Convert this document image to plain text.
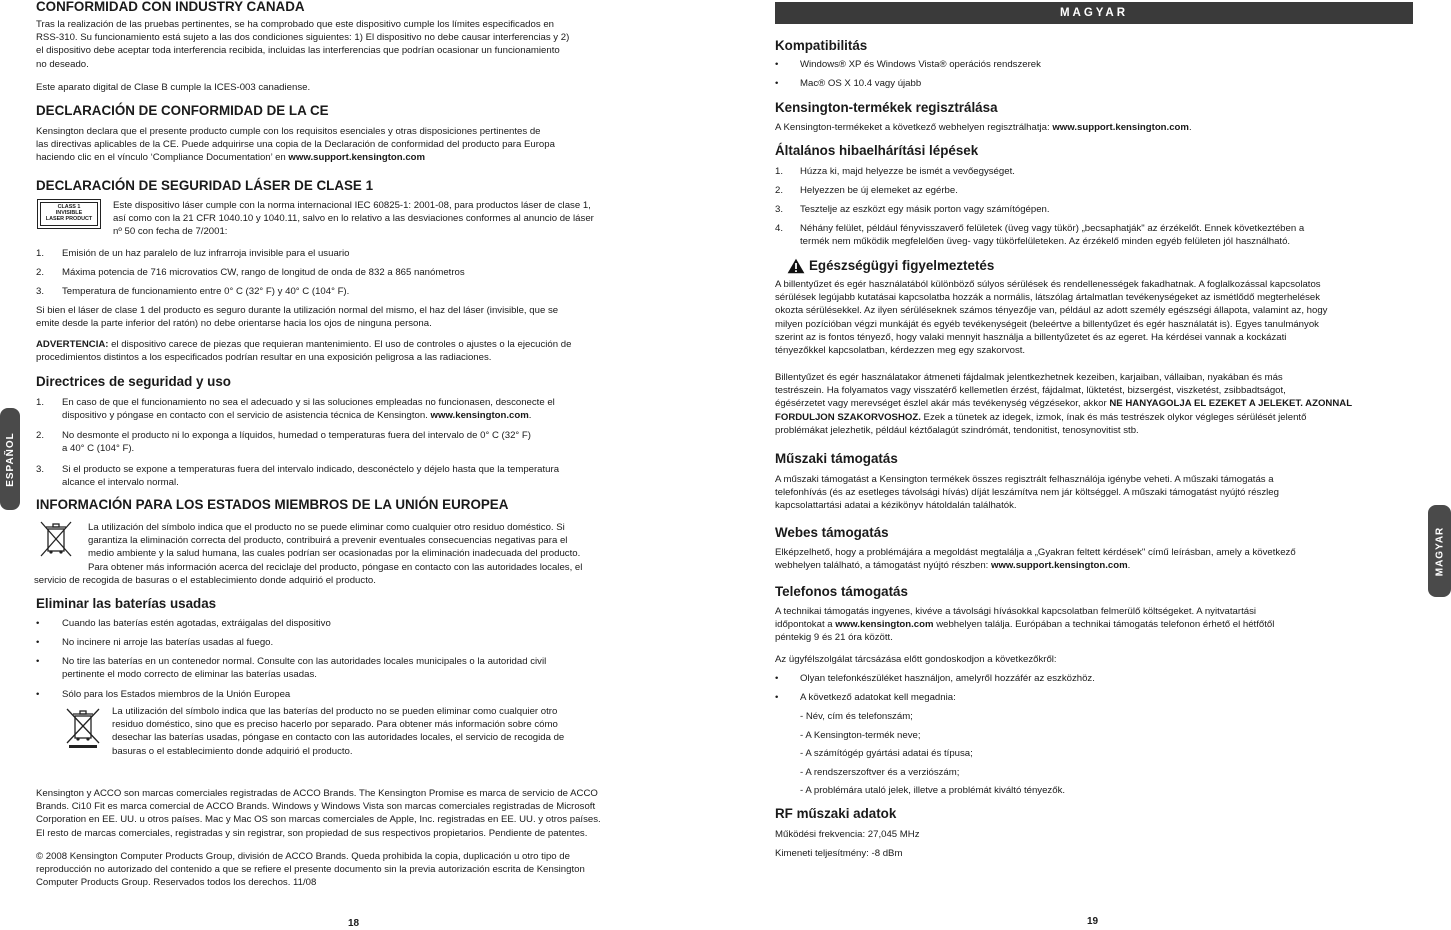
ESPAÑOL
MAGYAR
CONFORMIDAD CON INDUSTRY CANADA

Tras la realización de las pruebas pertinentes, se ha comprobado que este dispositivo cumple los límites especificados en

RSS-310. Su funcionamiento está sujeto a las dos condiciones siguientes: 1) El dispositivo no debe causar interferencias y 2)

el dispositivo debe aceptar toda interferencia recibida, incluidas las interferencias que podrían ocasionar un funcionamiento

no deseado.

Este aparato digital de Clase B cumple la ICES-003 canadiense.

DECLARACIÓN DE CONFORMIDAD DE LA CE

Kensington declara que el presente producto cumple con los requisitos esenciales y otras disposiciones pertinentes de

las directivas aplicables de la CE. Puede adquirirse una copia de la Declaración de conformidad del producto para Europa

haciendo clic en el vínculo ‘Compliance Documentation’ en www.support.kensington.com

DECLARACIÓN DE SEGURIDAD LÁSER DE CLASE 1
CLASS 1
INVISIBLE
LASER PRODUCT

Este dispositivo láser cumple con la norma internacional IEC 60825-1: 2001-08, para productos láser de clase 1,

así como con la 21 CFR 1040.10 y 1040.11, salvo en lo relativo a las desviaciones conformes al anuncio de láser

nº 50 con fecha de 7/2001:

1. Emisión de un haz paralelo de luz infrarroja invisible para el usuario
2. Máxima potencia de 716 microvatios CW, rango de longitud de onda de 832 a 865 nanómetros
3. Temperatura de funcionamiento entre 0° C (32° F) y 40° C (104° F).

Si bien el láser de clase 1 del producto es seguro durante la utilización normal del mismo, el haz del láser (invisible, que se

emite desde la parte inferior del ratón) no debe orientarse hacia los ojos de ninguna persona.

ADVERTENCIA: el dispositivo carece de piezas que requieran mantenimiento. El uso de controles o ajustes o la ejecución de

procedimientos distintos a los especificados podrían resultar en una exposición peligrosa a las radiaciones.

Directrices de seguridad y uso
1. En caso de que el funcionamiento no sea el adecuado y si las soluciones empleadas no funcionasen, desconecte el

dispositivo y póngase en contacto con el servicio de asistencia técnica de Kensington. www.kensington.com.

2. No desmonte el producto ni lo exponga a líquidos, humedad o temperaturas fuera del intervalo de 0° C (32° F)

a 40° C (104° F).

3. Si el producto se expone a temperaturas fuera del intervalo indicado, desconéctelo y déjelo hasta que la temperatura

alcance el intervalo normal.

INFORMACIÓN PARA LOS ESTADOS MIEMBROS DE LA UNIÓN EUROPEA

La utilización del símbolo indica que el producto no se puede eliminar como cualquier otro residuo doméstico. Si

garantiza la eliminación correcta del producto, contribuirá a prevenir eventuales consecuencias negativas para el

medio ambiente y la salud humana, las cuales podrían ser ocasionadas por la eliminación inadecuada del producto.

Para obtener más información acerca del reciclaje del producto, póngase en contacto con las autoridades locales, el

servicio de recogida de basuras o el establecimiento donde adquirió el producto.

Eliminar las baterías usadas
• Cuando las baterías estén agotadas, extráigalas del dispositivo
• No incinere ni arroje las baterías usadas al fuego.
• No tire las baterías en un contenedor normal. Consulte con las autoridades locales municipales o la autoridad civil

pertinente el modo correcto de eliminar las baterías usadas.

• Sólo para los Estados miembros de la Unión Europea

La utilización del símbolo indica que las baterías del producto no se pueden eliminar como cualquier otro

residuo doméstico, sino que es preciso hacerlo por separado. Para obtener más información sobre cómo

desechar las baterías usadas, póngase en contacto con las autoridades locales, el servicio de recogida de

basuras o el establecimiento donde adquirió el producto.

Kensington y ACCO son marcas comerciales registradas de ACCO Brands. The Kensington Promise es marca de servicio de ACCO

Brands. Ci10 Fit es marca comercial de ACCO Brands. Windows y Windows Vista son marcas comerciales registradas de Microsoft

Corporation en EE. UU. u otros países. Mac y Mac OS son marcas comerciales de Apple, Inc. registradas en EE. UU. y otros países.

El resto de marcas comerciales, registradas y sin registrar, son propiedad de sus respectivos propietarios. Pendiente de patentes.

© 2008 Kensington Computer Products Group, división de ACCO Brands. Queda prohibida la copia, duplicación u otro tipo de

reproducción no autorizado del contenido a que se refiere el presente documento sin la previa autorización escrita de Kensington

Computer Products Group. Reservados todos los derechos. 11/08

18
MAGYAR
Kompatibilitás
• Windows® XP és Windows Vista® operációs rendszerek
• Mac® OS X 10.4 vagy újabb
Kensington-termékek regisztrálása

A Kensington-termékeket a következő webhelyen regisztrálhatja: www.support.kensington.com.

Általános hibaelhárítási lépések
1. Húzza ki, majd helyezze be ismét a vevőegységet.
2. Helyezzen be új elemeket az egérbe.
3. Tesztelje az eszközt egy másik porton vagy számítógépen.
4. Néhány felület, például fényvisszaverő felületek (üveg vagy tükör) „becsaphatják" az érzékelőt. Ennek következtében a

termék nem működik megfelelően üveg- vagy tükörfelületeken. Az érzékelő minden egyéb felületen jól használható.

Egészségügyi figyelmeztetés

A billentyűzet és egér használatából különböző súlyos sérülések és rendellenességek fakadhatnak. A foglalkozással kapcsolatos

sérülések legújabb kutatásai kapcsolatba hozzák a normális, látszólag ártalmatlan tevékenységeket az ismétlődő megterhelések

okozta sérülésekkel. Az ilyen sérüléseknek számos tényezője van, például az adott személy egészségi állapota, valamint az, hogy

milyen pozícióban végzi munkáját és egyéb tevékenységeit (beleértve a billentyűzet és egér használatát is). Egyes tanulmányok

szerint az is fontos tényező, hogy valaki mennyit használja a billentyűzetet és az egeret. Ha kérdései vannak a kockázati

tényezőkkel kapcsolatban, kérdezzen meg egy szakorvost.

Billentyűzet és egér használatakor átmeneti fájdalmak jelentkezhetnek kezeiben, karjaiban, vállaiban, nyakában és más

testrészein. Ha folyamatos vagy visszatérő kellemetlen érzést, fájdalmat, lüktetést, bizsergést, viszketést, zsibbadtságot,

égésérzetet vagy merevséget észlel akár más tevékenység végzésekor, akkor NE HANYAGOLJA EL EZEKET A JELEKET. AZONNAL

FORDULJON SZAKORVOSHOZ. Ezek a tünetek az idegek, izmok, ínak és más testrészek olykor végleges sérülését jelentő

problémákat jelezhetik, például kéztőalagút szindrómát, tendonitist, tenosynovitist stb.

Műszaki támogatás

A műszaki támogatást a Kensington termékek összes regisztrált felhasználója igénybe veheti. A műszaki támogatás a

telefonhívás (és az esetleges távolsági hívás) díját leszámítva nem jár költséggel. A műszaki támogatást nyújtó részleg

kapcsolattartási adatai a kézikönyv hátoldalán találhatók.

Webes támogatás

Elképzelhető, hogy a problémájára a megoldást megtalálja a „Gyakran feltett kérdések" című leírásban, amely a következő

webhelyen található, a támogatást nyújtó részben: www.support.kensington.com.

Telefonos támogatás

A technikai támogatás ingyenes, kivéve a távolsági hívásokkal kapcsolatban felmerülő költségeket. A nyitvatartási

időpontokat a www.kensington.com webhelyen találja. Európában a technikai támogatás telefonon érhető el hétfőtől

péntekig 9 és 21 óra között.

Az ügyfélszolgálat tárcsázása előtt gondoskodjon a következőkről:

• Olyan telefonkészüléket használjon, amelyről hozzáfér az eszközhöz.
• A következő adatokat kell megadnia:

- Név, cím és telefonszám;

- A Kensington-termék neve;

- A számítógép gyártási adatai és típusa;

- A rendszerszoftver és a verziószám;

- A problémára utaló jelek, illetve a problémát kiváltó tényezők.

RF műszaki adatok

Működési frekvencia: 27,045 MHz

Kimeneti teljesítmény: -8 dBm

19
